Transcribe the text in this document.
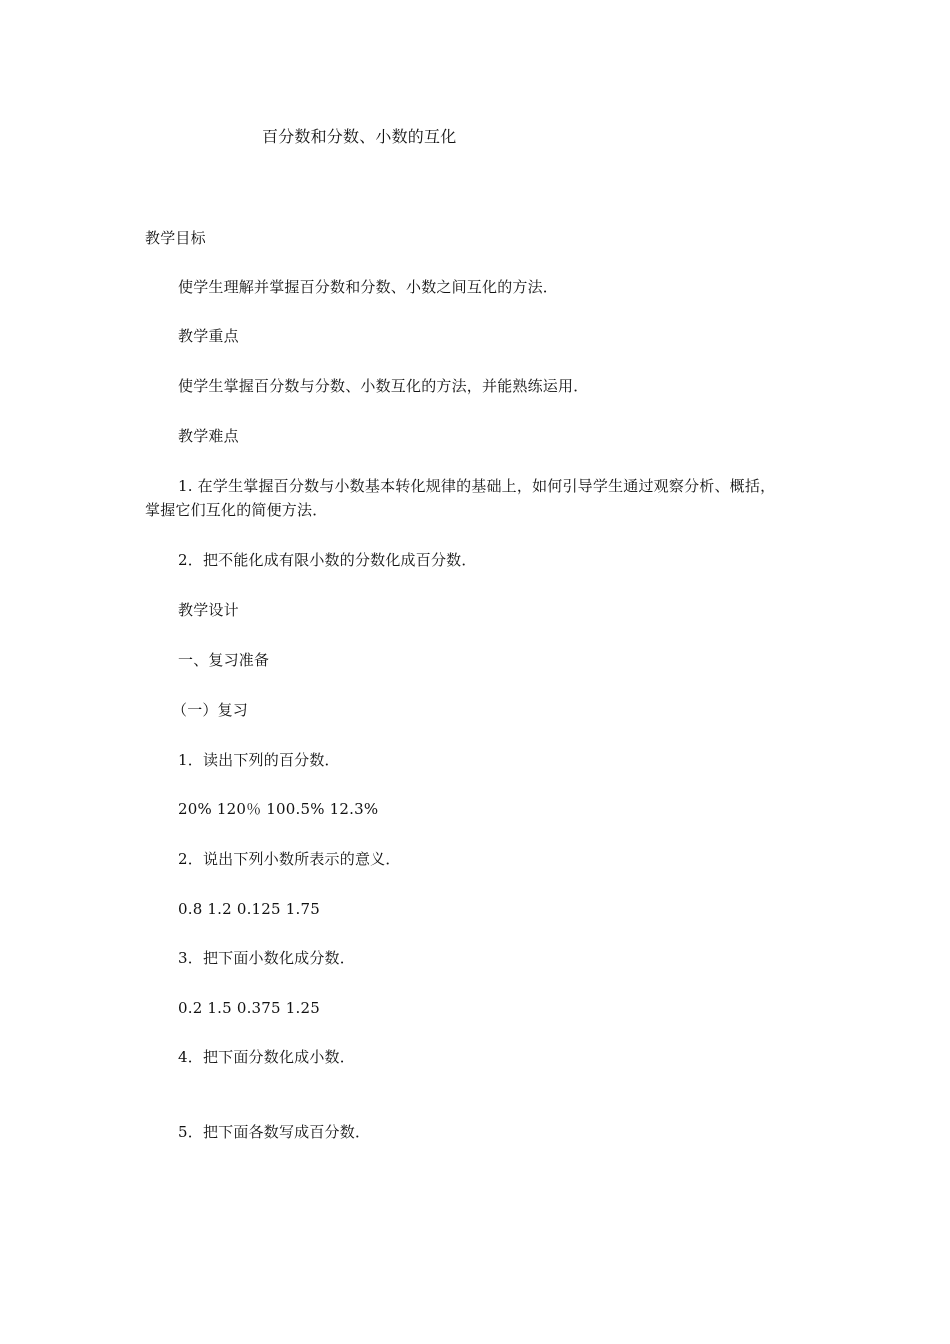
百分数和分数、小数的互化
教学目标
使学生理解并掌握百分数和分数、小数之间互化的方法．
教学重点
使学生掌握百分数与分数、小数互化的方法，并能熟练运用．
教学难点
1. 在学生掌握百分数与小数基本转化规律的基础上，如何引导学生通过观察分析、概括，
掌握它们互化的简便方法．
2．把不能化成有限小数的分数化成百分数．
教学设计
一、复习准备
（一）复习
1．读出下列的百分数．
20% 120％ 100.5% 12.3%
2．说出下列小数所表示的意义．
0.8 1.2 0.125 1.75
3．把下面小数化成分数．
0.2 1.5 0.375 1.25
4．把下面分数化成小数．
5．把下面各数写成百分数．
